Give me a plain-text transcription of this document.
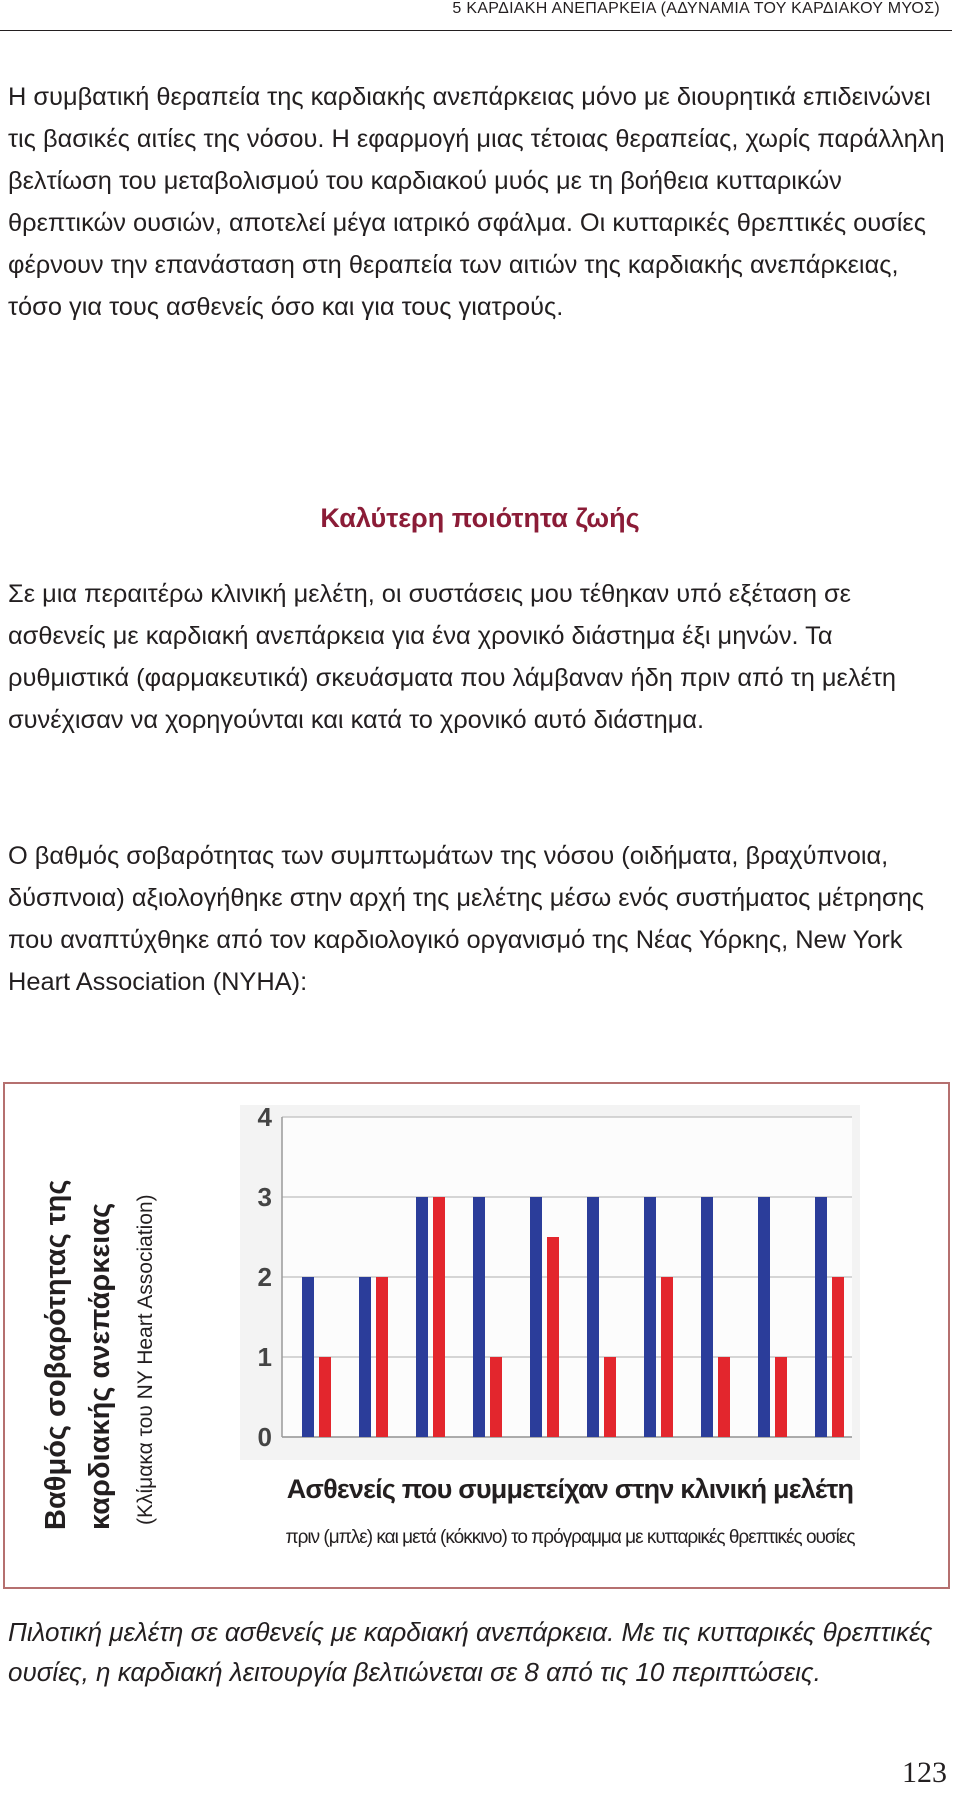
5 ΚΑΡΔΙΑΚΗ ΑΝΕΠΑΡΚΕΙΑ (ΑΔΥΝΑΜΙΑ ΤΟΥ ΚΑΡΔΙΑΚΟΥ ΜΥΟΣ)

Η συμβατική θεραπεία της καρδιακής ανεπάρκειας μόνο με διουρητικά επιδεινώνει τις βασικές αιτίες της νόσου. Η εφαρμογή μιας τέτοιας θεραπείας, χωρίς παράλληλη βελτίωση του μεταβολισμού του καρδιακού μυός με τη βοήθεια κυτταρικών θρεπτικών ουσιών, αποτελεί μέγα ιατρικό σφάλμα. Οι κυτταρικές θρεπτικές ουσίες φέρνουν την επανάσταση στη θεραπεία των αιτιών της καρδιακής ανεπάρκειας, τόσο για τους ασθενείς όσο και για τους γιατρούς.

Καλύτερη ποιότητα ζωής

Σε μια περαιτέρω κλινική μελέτη, οι συστάσεις μου τέθηκαν υπό εξέταση σε ασθενείς με καρδιακή ανεπάρκεια για ένα χρονικό διάστημα έξι μηνών. Τα ρυθμιστικά (φαρμακευτικά) σκευάσματα που λάμβαναν ήδη πριν από τη μελέτη συνέχισαν να χορηγούνται και κατά το χρονικό αυτό διάστημα.

Ο βαθμός σοβαρότητας των συμπτωμάτων της νόσου (οιδήματα, βραχύπνοια, δύσπνοια) αξιολογήθηκε στην αρχή της μελέτης μέσω ενός συστήματος μέτρησης που αναπτύχθηκε από τον καρδιολογικό οργανισμό της Νέας Υόρκης, New York Heart Association (NYHA):

Βαθμός σοβαρότητας της καρδιακής ανεπάρκειας (Κλίμακα του NY Heart Association)	0
1
2
3
4
Ασθενείς που συμμετείχαν στην κλινική μελέτη
πριν (μπλε) και μετά (κόκκινο) το πρόγραμμα με κυτταρικές θρεπτικές ουσίες

Πιλοτική μελέτη σε ασθενείς με καρδιακή ανεπάρκεια. Με τις κυτταρικές θρεπτικές ουσίες, η καρδιακή λειτουργία βελτιώνεται σε 8 από τις 10 περιπτώσεις.

123
